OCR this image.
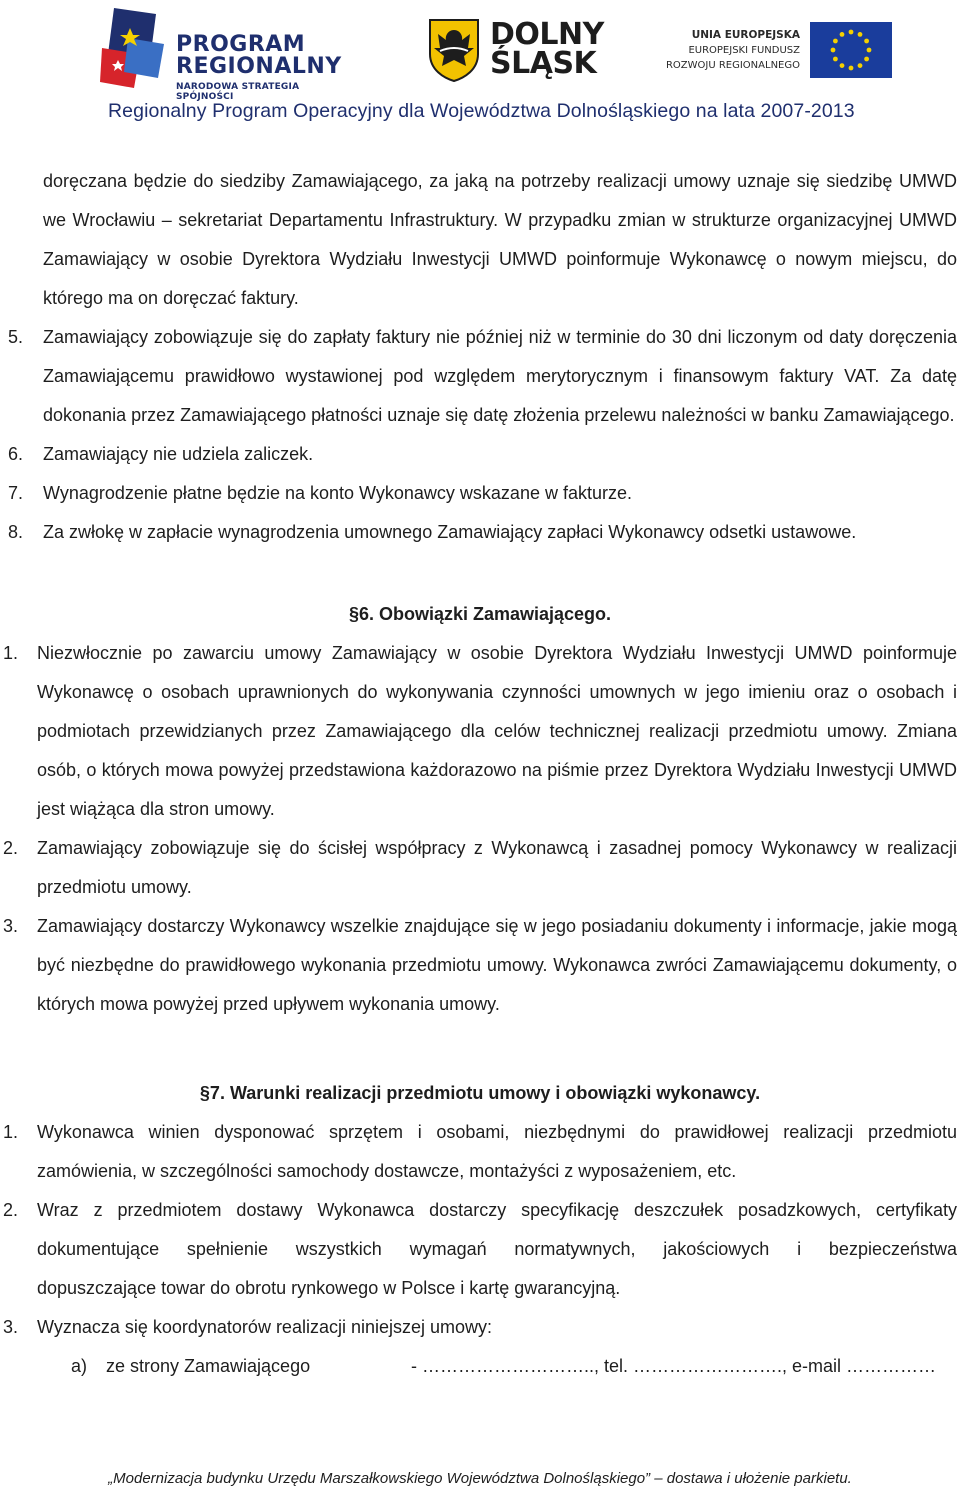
PROGRAM
REGIONALNY
NARODOWA STRATEGIA SPÓJNOŚCI
DOLNY
ŚLĄSK
UNIA EUROPEJSKA
EUROPEJSKI FUNDUSZ
ROZWOJU REGIONALNEGO
Regionalny Program Operacyjny dla Województwa Dolnośląskiego na lata 2007-2013
doręczana będzie do siedziby Zamawiającego, za jaką na potrzeby realizacji umowy uznaje się siedzibę UMWD we Wrocławiu – sekretariat Departamentu Infrastruktury. W przypadku zmian w strukturze organizacyjnej UMWD Zamawiający w osobie Dyrektora Wydziału Inwestycji UMWD poinformuje Wykonawcę o nowym miejscu, do którego ma on doręczać faktury.
5. Zamawiający zobowiązuje się do zapłaty faktury nie później niż w terminie do 30 dni liczonym od daty doręczenia Zamawiającemu prawidłowo wystawionej pod względem merytorycznym i finansowym faktury VAT. Za datę dokonania przez Zamawiającego płatności uznaje się datę złożenia przelewu należności w banku Zamawiającego.
6. Zamawiający nie udziela zaliczek.
7. Wynagrodzenie płatne będzie na konto Wykonawcy wskazane w fakturze.
8. Za zwłokę w zapłacie wynagrodzenia umownego Zamawiający zapłaci Wykonawcy odsetki ustawowe.
§6. Obowiązki Zamawiającego.
1. Niezwłocznie po zawarciu umowy Zamawiający w osobie Dyrektora Wydziału Inwestycji UMWD poinformuje Wykonawcę o osobach uprawnionych do wykonywania czynności umownych w jego imieniu oraz o osobach i podmiotach przewidzianych przez Zamawiającego dla celów technicznej realizacji przedmiotu umowy. Zmiana osób, o których mowa powyżej przedstawiona każdorazowo na piśmie przez Dyrektora Wydziału Inwestycji UMWD jest wiążąca dla stron umowy.
2. Zamawiający zobowiązuje się do ścisłej współpracy z Wykonawcą i zasadnej pomocy Wykonawcy w realizacji przedmiotu umowy.
3. Zamawiający dostarczy Wykonawcy wszelkie znajdujące się w jego posiadaniu dokumenty i informacje, jakie mogą być niezbędne do prawidłowego wykonania przedmiotu umowy. Wykonawca zwróci Zamawiającemu dokumenty, o których mowa powyżej przed upływem wykonania umowy.
§7. Warunki realizacji przedmiotu umowy i obowiązki wykonawcy.
1. Wykonawca winien dysponować sprzętem i osobami, niezbędnymi do prawidłowej realizacji przedmiotu zamówienia, w szczególności samochody dostawcze, montażyści z wyposażeniem, etc.
2. Wraz z przedmiotem dostawy Wykonawca dostarczy specyfikację deszczułek posadzkowych, certyfikaty
dokumentujące spełnienie wszystkich wymagań normatywnych, jakościowych i bezpieczeństwa
dopuszczające towar do obrotu rynkowego w Polsce i kartę gwarancyjną.
3. Wyznacza się koordynatorów realizacji niniejszej umowy:
a) ze strony Zamawiającego	- ……………………….., tel. ……………………., e-mail ……………
„Modernizacja budynku Urzędu Marszałkowskiego Województwa Dolnośląskiego” – dostawa i ułożenie parkietu.
